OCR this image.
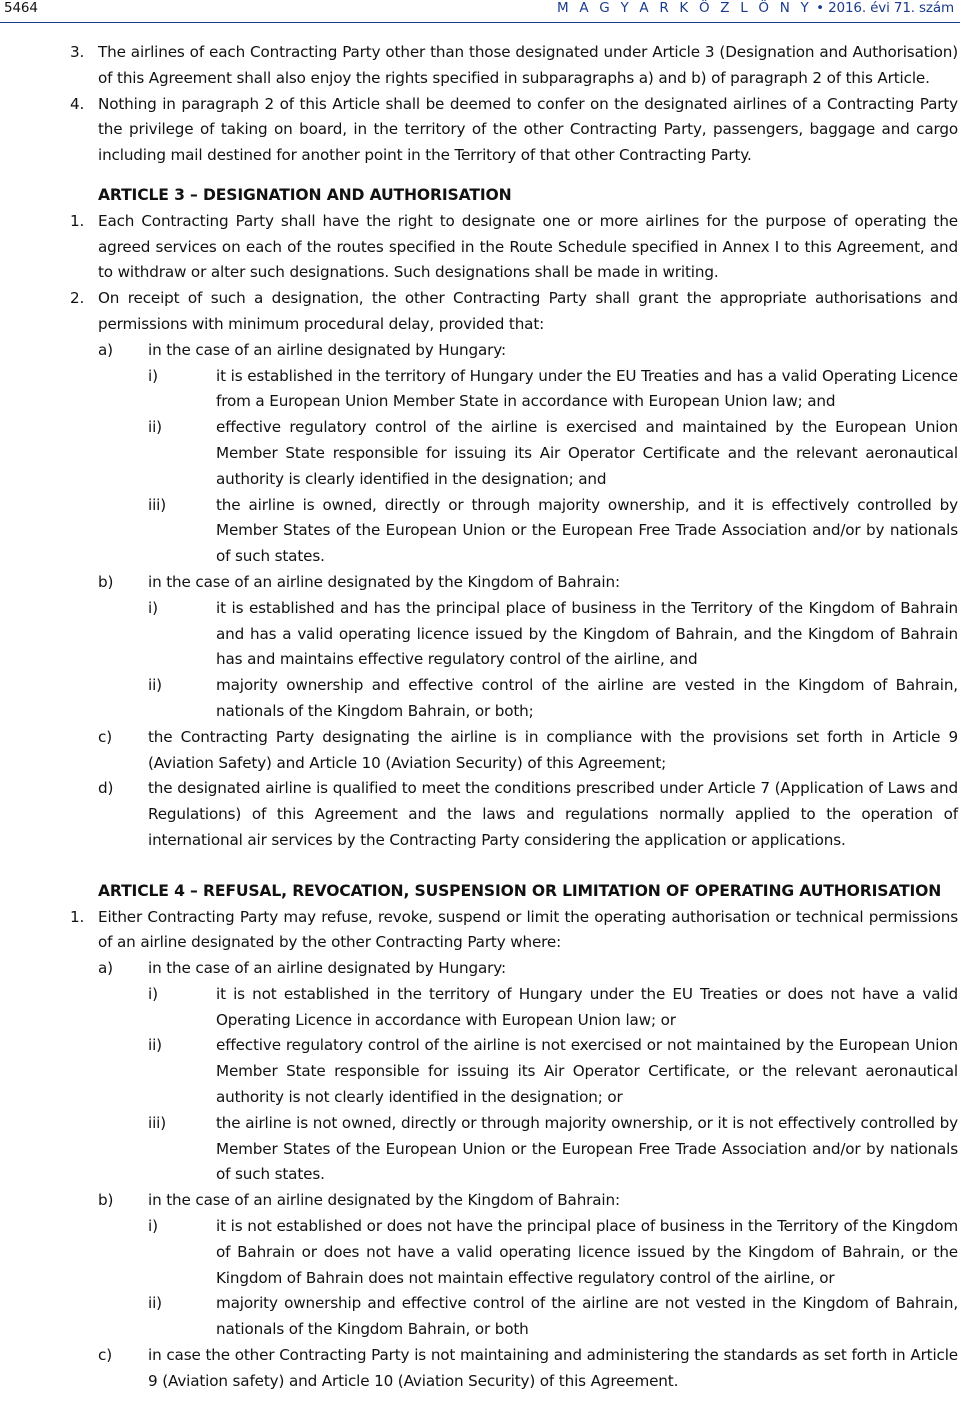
5464	M A G Y A R K Ö Z L Ö N Y • 2016. évi 71. szám
3. The airlines of each Contracting Party other than those designated under Article 3 (Designation and Authorisation) of this Agreement shall also enjoy the rights specified in subparagraphs a) and b) of paragraph 2 of this Article.
4. Nothing in paragraph 2 of this Article shall be deemed to confer on the designated airlines of a Contracting Party the privilege of taking on board, in the territory of the other Contracting Party, passengers, baggage and cargo including mail destined for another point in the Territory of that other Contracting Party.
ARTICLE 3 – DESIGNATION AND AUTHORISATION
1. Each Contracting Party shall have the right to designate one or more airlines for the purpose of operating the agreed services on each of the routes specified in the Route Schedule specified in Annex I to this Agreement, and to withdraw or alter such designations. Such designations shall be made in writing.
2. On receipt of such a designation, the other Contracting Party shall grant the appropriate authorisations and permissions with minimum procedural delay, provided that:
a) in the case of an airline designated by Hungary:
i)	it is established in the territory of Hungary under the EU Treaties and has a valid Operating Licence from a European Union Member State in accordance with European Union law; and
ii)	effective regulatory control of the airline is exercised and maintained by the European Union Member State responsible for issuing its Air Operator Certificate and the relevant aeronautical authority is clearly identified in the designation; and
iii)	the airline is owned, directly or through majority ownership, and it is effectively controlled by Member States of the European Union or the European Free Trade Association and/or by nationals of such states.
b) in the case of an airline designated by the Kingdom of Bahrain:
i)	it is established and has the principal place of business in the Territory of the Kingdom of Bahrain and has a valid operating licence issued by the Kingdom of Bahrain, and the Kingdom of Bahrain has and maintains effective regulatory control of the airline, and
ii)	majority ownership and effective control of the airline are vested in the Kingdom of Bahrain, nationals of the Kingdom Bahrain, or both;
c) the Contracting Party designating the airline is in compliance with the provisions set forth in Article 9 (Aviation Safety) and Article 10 (Aviation Security) of this Agreement;
d) the designated airline is qualified to meet the conditions prescribed under Article 7 (Application of Laws and Regulations) of this Agreement and the laws and regulations normally applied to the operation of international air services by the Contracting Party considering the application or applications.
ARTICLE 4 – REFUSAL, REVOCATION, SUSPENSION OR LIMITATION OF OPERATING AUTHORISATION
1. Either Contracting Party may refuse, revoke, suspend or limit the operating authorisation or technical permissions of an airline designated by the other Contracting Party where:
a) in the case of an airline designated by Hungary:
i)	it is not established in the territory of Hungary under the EU Treaties or does not have a valid Operating Licence in accordance with European Union law; or
ii)	effective regulatory control of the airline is not exercised or not maintained by the European Union Member State responsible for issuing its Air Operator Certificate, or the relevant aeronautical authority is not clearly identified in the designation; or
iii)	the airline is not owned, directly or through majority ownership, or it is not effectively controlled by Member States of the European Union or the European Free Trade Association and/or by nationals of such states.
b) in the case of an airline designated by the Kingdom of Bahrain:
i)	it is not established or does not have the principal place of business in the Territory of the Kingdom of Bahrain or does not have a valid operating licence issued by the Kingdom of Bahrain, or the Kingdom of Bahrain does not maintain effective regulatory control of the airline, or
ii)	majority ownership and effective control of the airline are not vested in the Kingdom of Bahrain, nationals of the Kingdom Bahrain, or both
c) in case the other Contracting Party is not maintaining and administering the standards as set forth in Article 9 (Aviation safety) and Article 10 (Aviation Security) of this Agreement.
